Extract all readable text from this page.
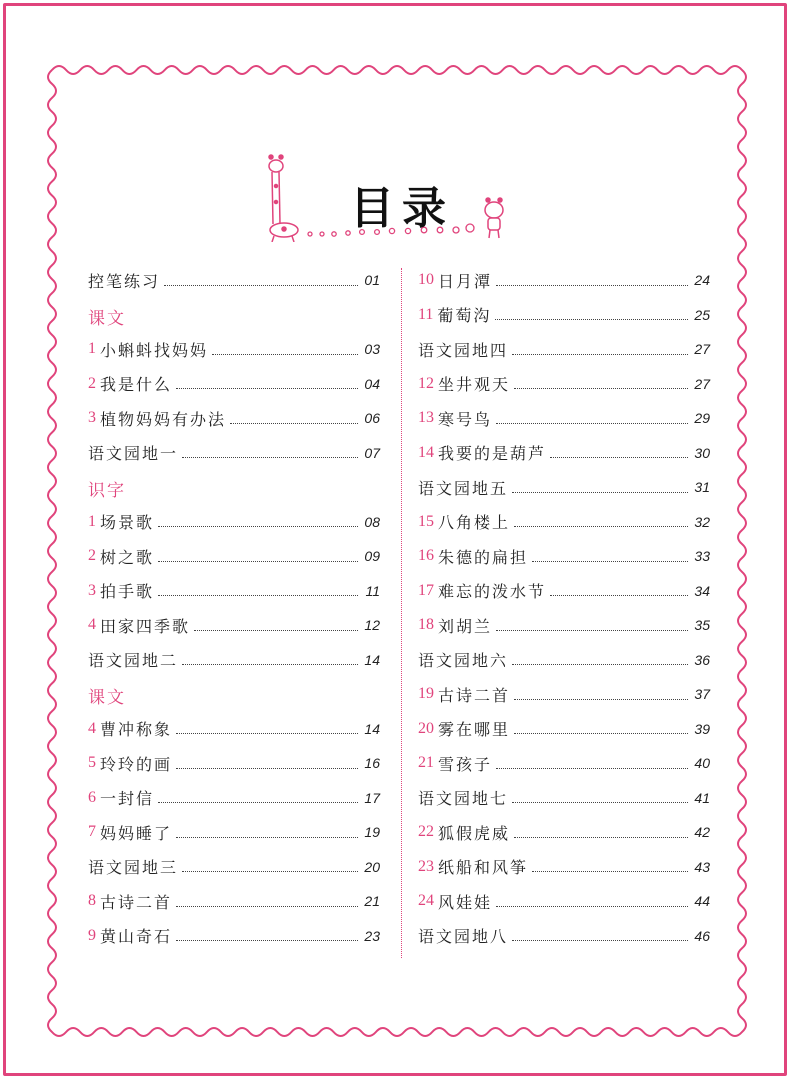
目录
控笔练习	01
课文
1 小蝌蚪找妈妈	03
2 我是什么	04
3 植物妈妈有办法	06
语文园地一	07
识字
1 场景歌	08
2 树之歌	09
3 拍手歌	11
4 田家四季歌	12
语文园地二	14
课文
4 曹冲称象	14
5 玲玲的画	16
6 一封信	17
7 妈妈睡了	19
语文园地三	20
8 古诗二首	21
9 黄山奇石	23
10 日月潭	24
11 葡萄沟	25
语文园地四	27
12 坐井观天	27
13 寒号鸟	29
14 我要的是葫芦	30
语文园地五	31
15 八角楼上	32
16 朱德的扁担	33
17 难忘的泼水节	34
18 刘胡兰	35
语文园地六	36
19 古诗二首	37
20 雾在哪里	39
21 雪孩子	40
语文园地七	41
22 狐假虎威	42
23 纸船和风筝	43
24 风娃娃	44
语文园地八	46
